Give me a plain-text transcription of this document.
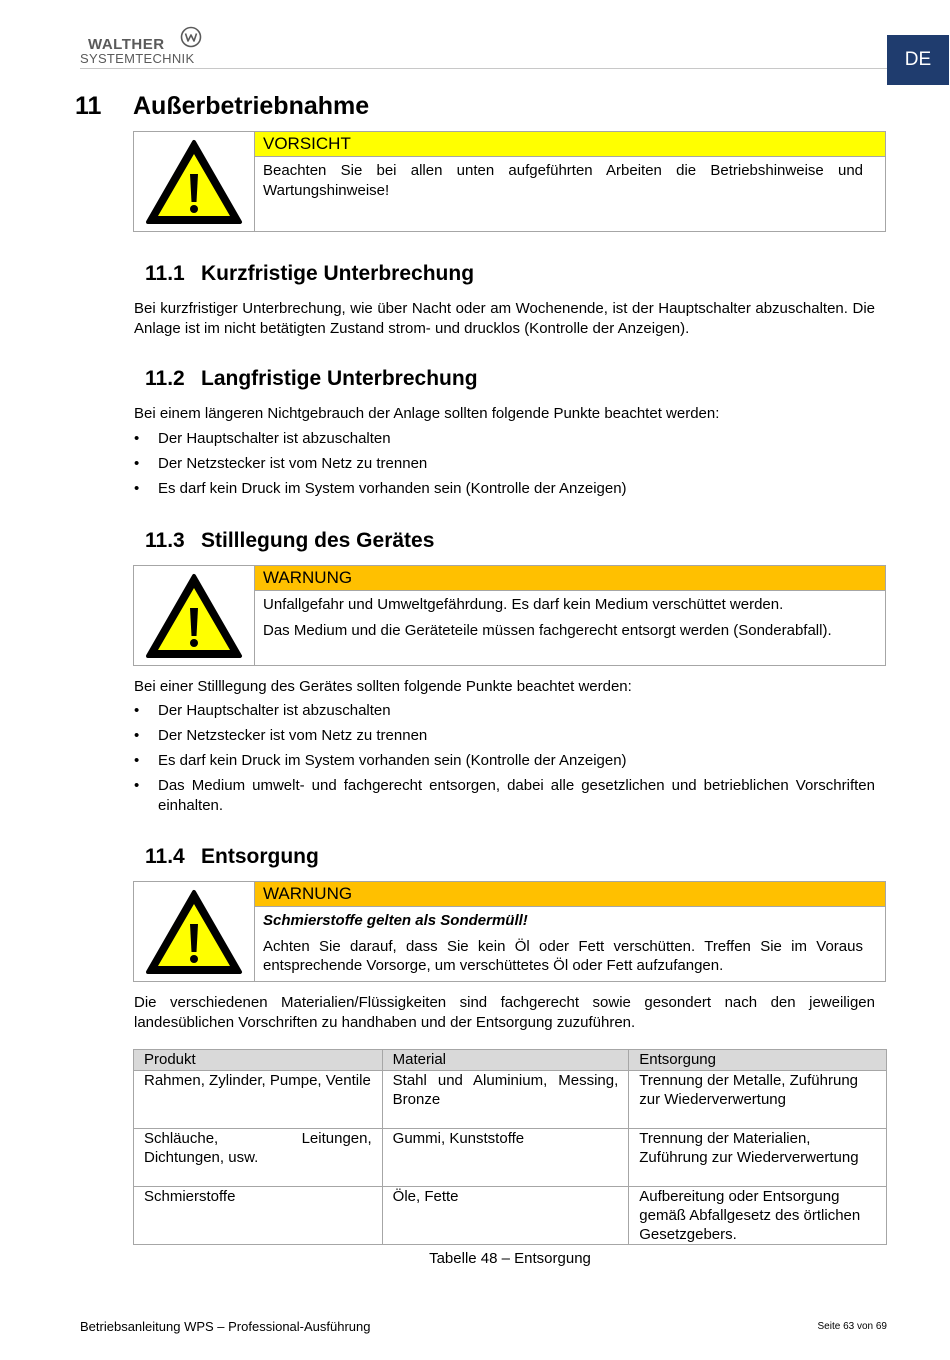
WALTHER
SYSTEMTECHNIK	DE
11 Außerbetriebnahme
VORSICHT

Beachten Sie bei allen unten aufgeführten Arbeiten die Betriebshinweise und Wartungshinweise!

11.1 Kurzfristige Unterbrechung
Bei kurzfristiger Unterbrechung, wie über Nacht oder am Wochenende, ist der Hauptschalter abzuschalten. Die Anlage ist im nicht betätigten Zustand strom- und drucklos (Kontrolle der Anzeigen).
11.2 Langfristige Unterbrechung
Bei einem längeren Nichtgebrauch der Anlage sollten folgende Punkte beachtet werden:
• Der Hauptschalter ist abzuschalten
• Der Netzstecker ist vom Netz zu trennen
• Es darf kein Druck im System vorhanden sein (Kontrolle der Anzeigen)
11.3 Stilllegung des Gerätes
WARNUNG

Unfallgefahr und Umweltgefährdung. Es darf kein Medium verschüttet werden.

Das Medium und die Geräteteile müssen fachgerecht entsorgt werden (Sonderabfall).

Bei einer Stilllegung des Gerätes sollten folgende Punkte beachtet werden:
• Der Hauptschalter ist abzuschalten
• Der Netzstecker ist vom Netz zu trennen
• Es darf kein Druck im System vorhanden sein (Kontrolle der Anzeigen)
• Das Medium umwelt- und fachgerecht entsorgen, dabei alle gesetzlichen und betrieblichen Vorschriften einhalten.
11.4 Entsorgung
WARNUNG

Schmierstoffe gelten als Sondermüll!

Achten Sie darauf, dass Sie kein Öl oder Fett verschütten. Treffen Sie im Voraus entsprechende Vorsorge, um verschüttetes Öl oder Fett aufzufangen.

Die verschiedenen Materialien/Flüssigkeiten sind fachgerecht sowie gesondert nach den jeweiligen landesüblichen Vorschriften zu handhaben und der Entsorgung zuzuführen.
Produkt	Material	Entsorgung
Rahmen, Zylinder, Pumpe, Ventile	Stahl und Aluminium, Messing, Bronze	Trennung der Metalle, Zuführung zur Wiederverwertung
Schläuche, Leitungen, Dichtungen, usw.	Gummi, Kunststoffe	Trennung der Materialien, Zuführung zur Wiederverwertung
Schmierstoffe	Öle, Fette	Aufbereitung oder Entsorgung gemäß Abfallgesetz des örtlichen Gesetzgebers.
Tabelle 48 – Entsorgung
Betriebsanleitung WPS – Professional-Ausführung	Seite 63 von 69
